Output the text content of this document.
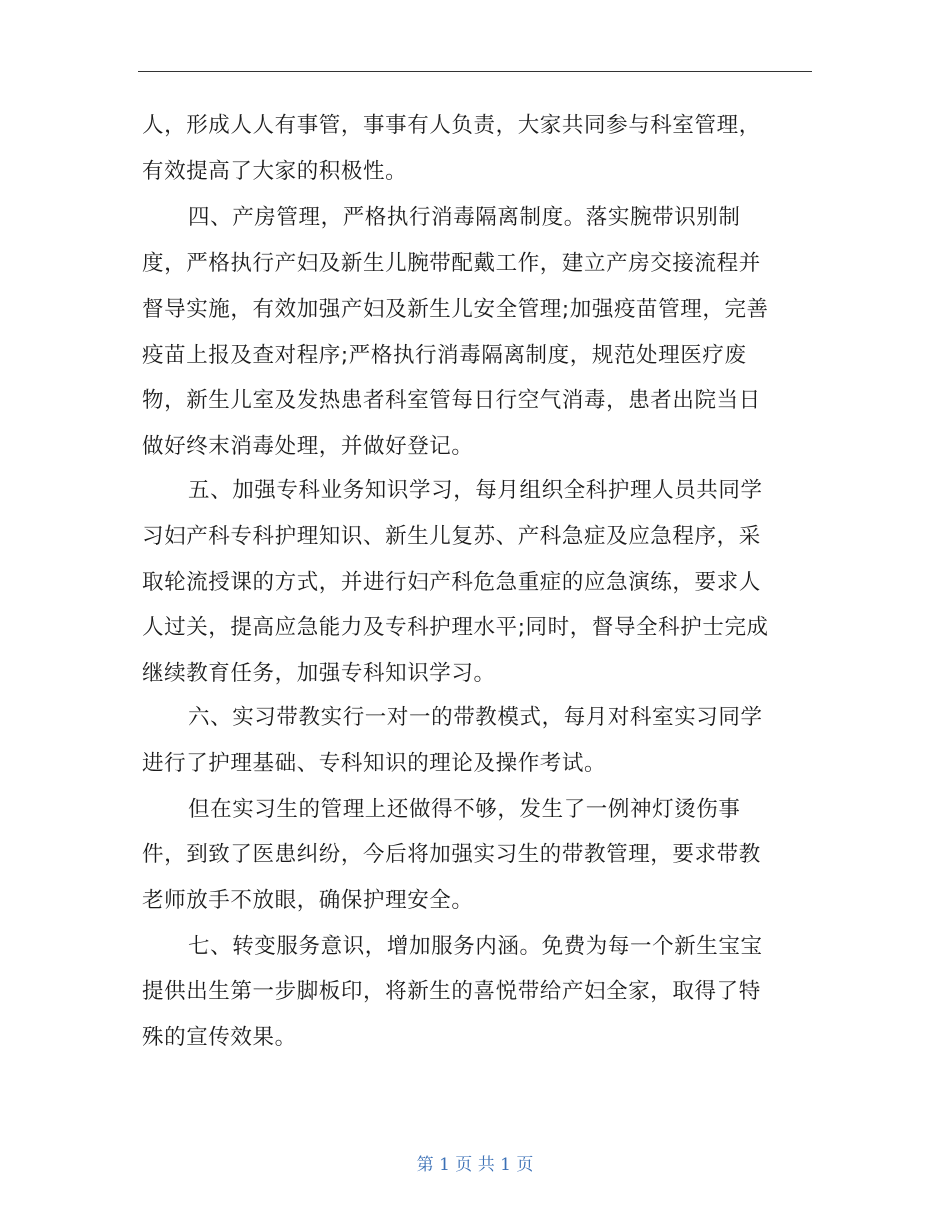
人，形成人人有事管，事事有人负责，大家共同参与科室管理，
有效提高了大家的积极性。
四、产房管理，严格执行消毒隔离制度。落实腕带识别制
度，严格执行产妇及新生儿腕带配戴工作，建立产房交接流程并
督导实施，有效加强产妇及新生儿安全管理;加强疫苗管理，完善
疫苗上报及查对程序;严格执行消毒隔离制度，规范处理医疗废
物，新生儿室及发热患者科室管每日行空气消毒，患者出院当日
做好终末消毒处理，并做好登记。
五、加强专科业务知识学习，每月组织全科护理人员共同学
习妇产科专科护理知识、新生儿复苏、产科急症及应急程序，采
取轮流授课的方式，并进行妇产科危急重症的应急演练，要求人
人过关，提高应急能力及专科护理水平;同时，督导全科护士完成
继续教育任务，加强专科知识学习。
六、实习带教实行一对一的带教模式，每月对科室实习同学
进行了护理基础、专科知识的理论及操作考试。
但在实习生的管理上还做得不够，发生了一例神灯烫伤事
件，到致了医患纠纷，今后将加强实习生的带教管理，要求带教
老师放手不放眼，确保护理安全。
七、转变服务意识，增加服务内涵。免费为每一个新生宝宝
提供出生第一步脚板印，将新生的喜悦带给产妇全家，取得了特
殊的宣传效果。
第 1 页 共 1 页
